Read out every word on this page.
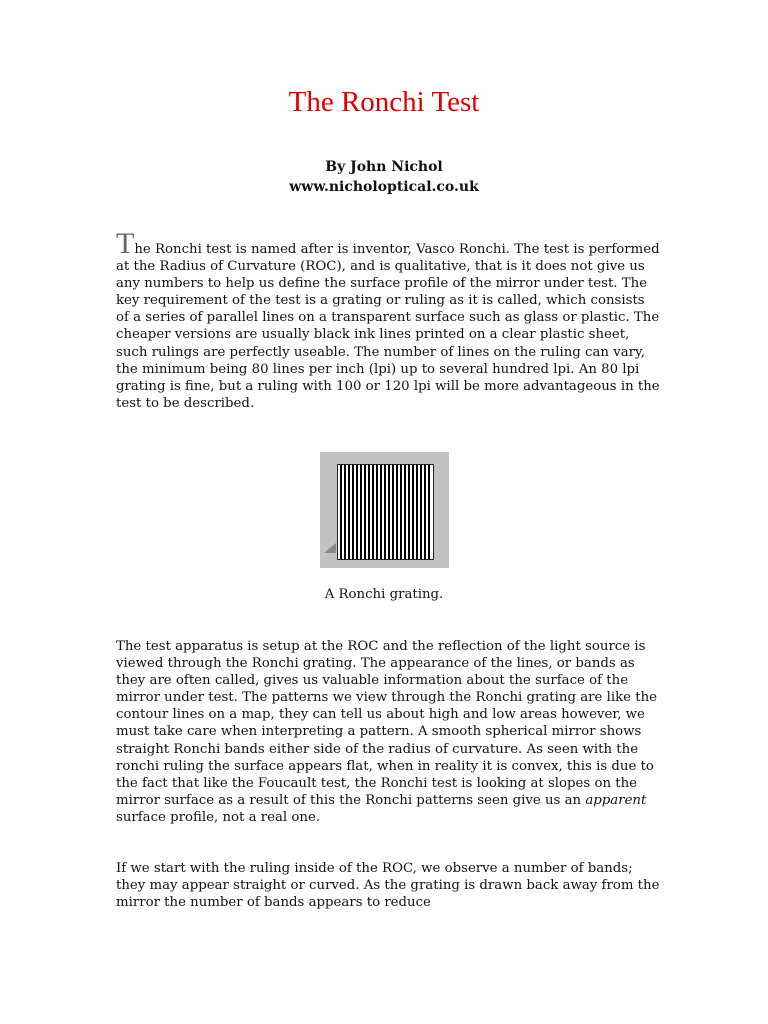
The Ronchi Test
By John Nichol
www.nicholoptical.co.uk

The Ronchi test is named after is inventor, Vasco Ronchi. The test is performed at the Radius of Curvature (ROC), and is qualitative, that is it does not give us any numbers to help us define the surface profile of the mirror under test. The key requirement of the test is a grating or ruling as it is called, which consists of a series of parallel lines on a transparent surface such as glass or plastic. The cheaper versions are usually black ink lines printed on a clear plastic sheet, such rulings are perfectly useable. The number of lines on the ruling can vary, the minimum being 80 lines per inch (lpi) up to several hundred lpi. An 80 lpi grating is fine, but a ruling with 100 or 120 lpi will be more advantageous in the test to be described.

A Ronchi grating.

The test apparatus is setup at the ROC and the reflection of the light source is viewed through the Ronchi grating. The appearance of the lines, or bands as they are often called, gives us valuable information about the surface of the mirror under test. The patterns we view through the Ronchi grating are like the contour lines on a map, they can tell us about high and low areas however, we must take care when interpreting a pattern. A smooth spherical mirror shows straight Ronchi bands either side of the radius of curvature. As seen with the ronchi ruling the surface appears flat, when in reality it is convex, this is due to the fact that like the Foucault test, the Ronchi test is looking at slopes on the mirror surface as a result of this the Ronchi patterns seen give us an apparent surface profile, not a real one.

If we start with the ruling inside of the ROC, we observe a number of bands; they may appear straight or curved. As the grating is drawn back away from the mirror the number of bands appears to reduce
